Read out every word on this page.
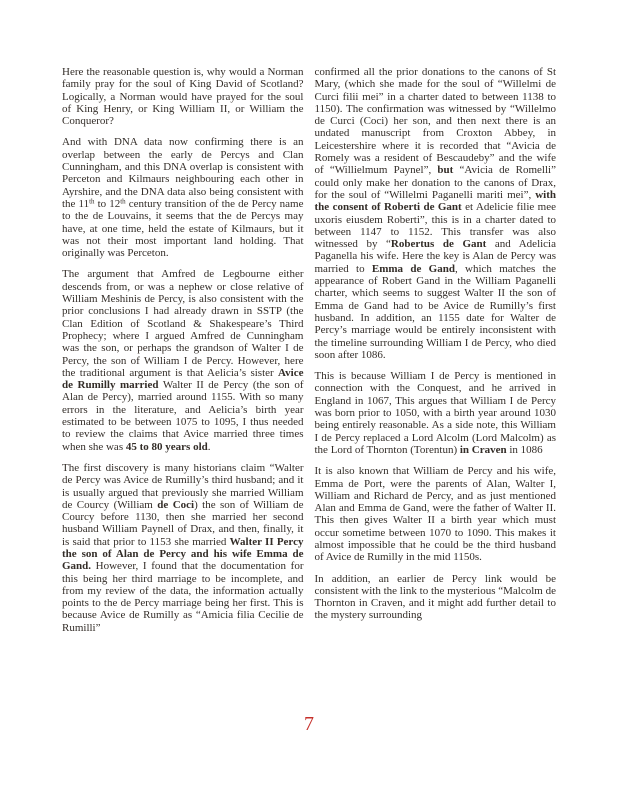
Here the reasonable question is, why would a Norman family pray for the soul of King David of Scotland? Logically, a Norman would have prayed for the soul of King Henry, or King William II, or William the Conqueror?

And with DNA data now confirming there is an overlap between the early de Percys and Clan Cunningham, and this DNA overlap is consistent with Perceton and Kilmaurs neighbouring each other in Ayrshire, and the DNA data also being consistent with the 11th to 12th century transition of the de Percy name to the de Louvains, it seems that the de Percys may have, at one time, held the estate of Kilmaurs, but it was not their most important land holding. That originally was Perceton.

The argument that Amfred de Legbourne either descends from, or was a nephew or close relative of William Meshinis de Percy, is also consistent with the prior conclusions I had already drawn in SSTP (the Clan Edition of Scotland & Shakespeare’s Third Prophecy; where I argued Amfred de Cunningham was the son, or perhaps the grandson of Walter I de Percy, the son of William I de Percy. However, here the traditional argument is that Aelicia’s sister Avice de Rumilly married Walter II de Percy (the son of Alan de Percy), married around 1155. With so many errors in the literature, and Aelicia’s birth year estimated to be between 1075 to 1095, I thus needed to review the claims that Avice married three times when she was 45 to 80 years old.

The first discovery is many historians claim “Walter de Percy was Avice de Rumilly’s third husband; and it is usually argued that previously she married William de Courcy (William de Coci) the son of William de Courcy before 1130, then she married her second husband William Paynell of Drax, and then, finally, it is said that prior to 1153 she married Walter II Percy the son of Alan de Percy and his wife Emma de Gand. However, I found that the documentation for this being her third marriage to be incomplete, and from my review of the data, the information actually points to the de Percy marriage being her first. This is because Avice de Rumilly as “Amicia filia Cecilie de Rumilli”

confirmed all the prior donations to the canons of St Mary, (which she made for the soul of “Willelmi de Curci filii mei” in a charter dated to between 1138 to 1150). The confirmation was witnessed by “Willelmo de Curci (Coci) her son, and then next there is an undated manuscript from Croxton Abbey, in Leicestershire where it is recorded that “Avicia de Romely was a resident of Bescaudeby” and the wife of “Willielmum Paynel”, but “Avicia de Romelli” could only make her donation to the canons of Drax, for the soul of “Willelmi Paganelli mariti mei”, with the consent of Roberti de Gant et Adelicie filie mee uxoris eiusdem Roberti”, this is in a charter dated to between 1147 to 1152. This transfer was also witnessed by “Robertus de Gant and Adelicia Paganella his wife. Here the key is Alan de Percy was married to Emma de Gand, which matches the appearance of Robert Gand in the William Paganelli charter, which seems to suggest Walter II the son of Emma de Gand had to be Avice de Rumilly’s first husband. In addition, an 1155 date for Walter de Percy’s marriage would be entirely inconsistent with the timeline surrounding William I de Percy, who died soon after 1086.

This is because William I de Percy is mentioned in connection with the Conquest, and he arrived in England in 1067, This argues that William I de Percy was born prior to 1050, with a birth year around 1030 being entirely reasonable. As a side note, this William I de Percy replaced a Lord Alcolm (Lord Malcolm) as the Lord of Thornton (Torentun) in Craven in 1086

It is also known that William de Percy and his wife, Emma de Port, were the parents of Alan, Walter I, William and Richard de Percy, and as just mentioned Alan and Emma de Gand, were the father of Walter II. This then gives Walter II a birth year which must occur sometime between 1070 to 1090. This makes it almost impossible that he could be the third husband of Avice de Rumilly in the mid 1150s.

In addition, an earlier de Percy link would be consistent with the link to the mysterious “Malcolm de Thornton in Craven, and it might add further detail to the mystery surrounding

7
